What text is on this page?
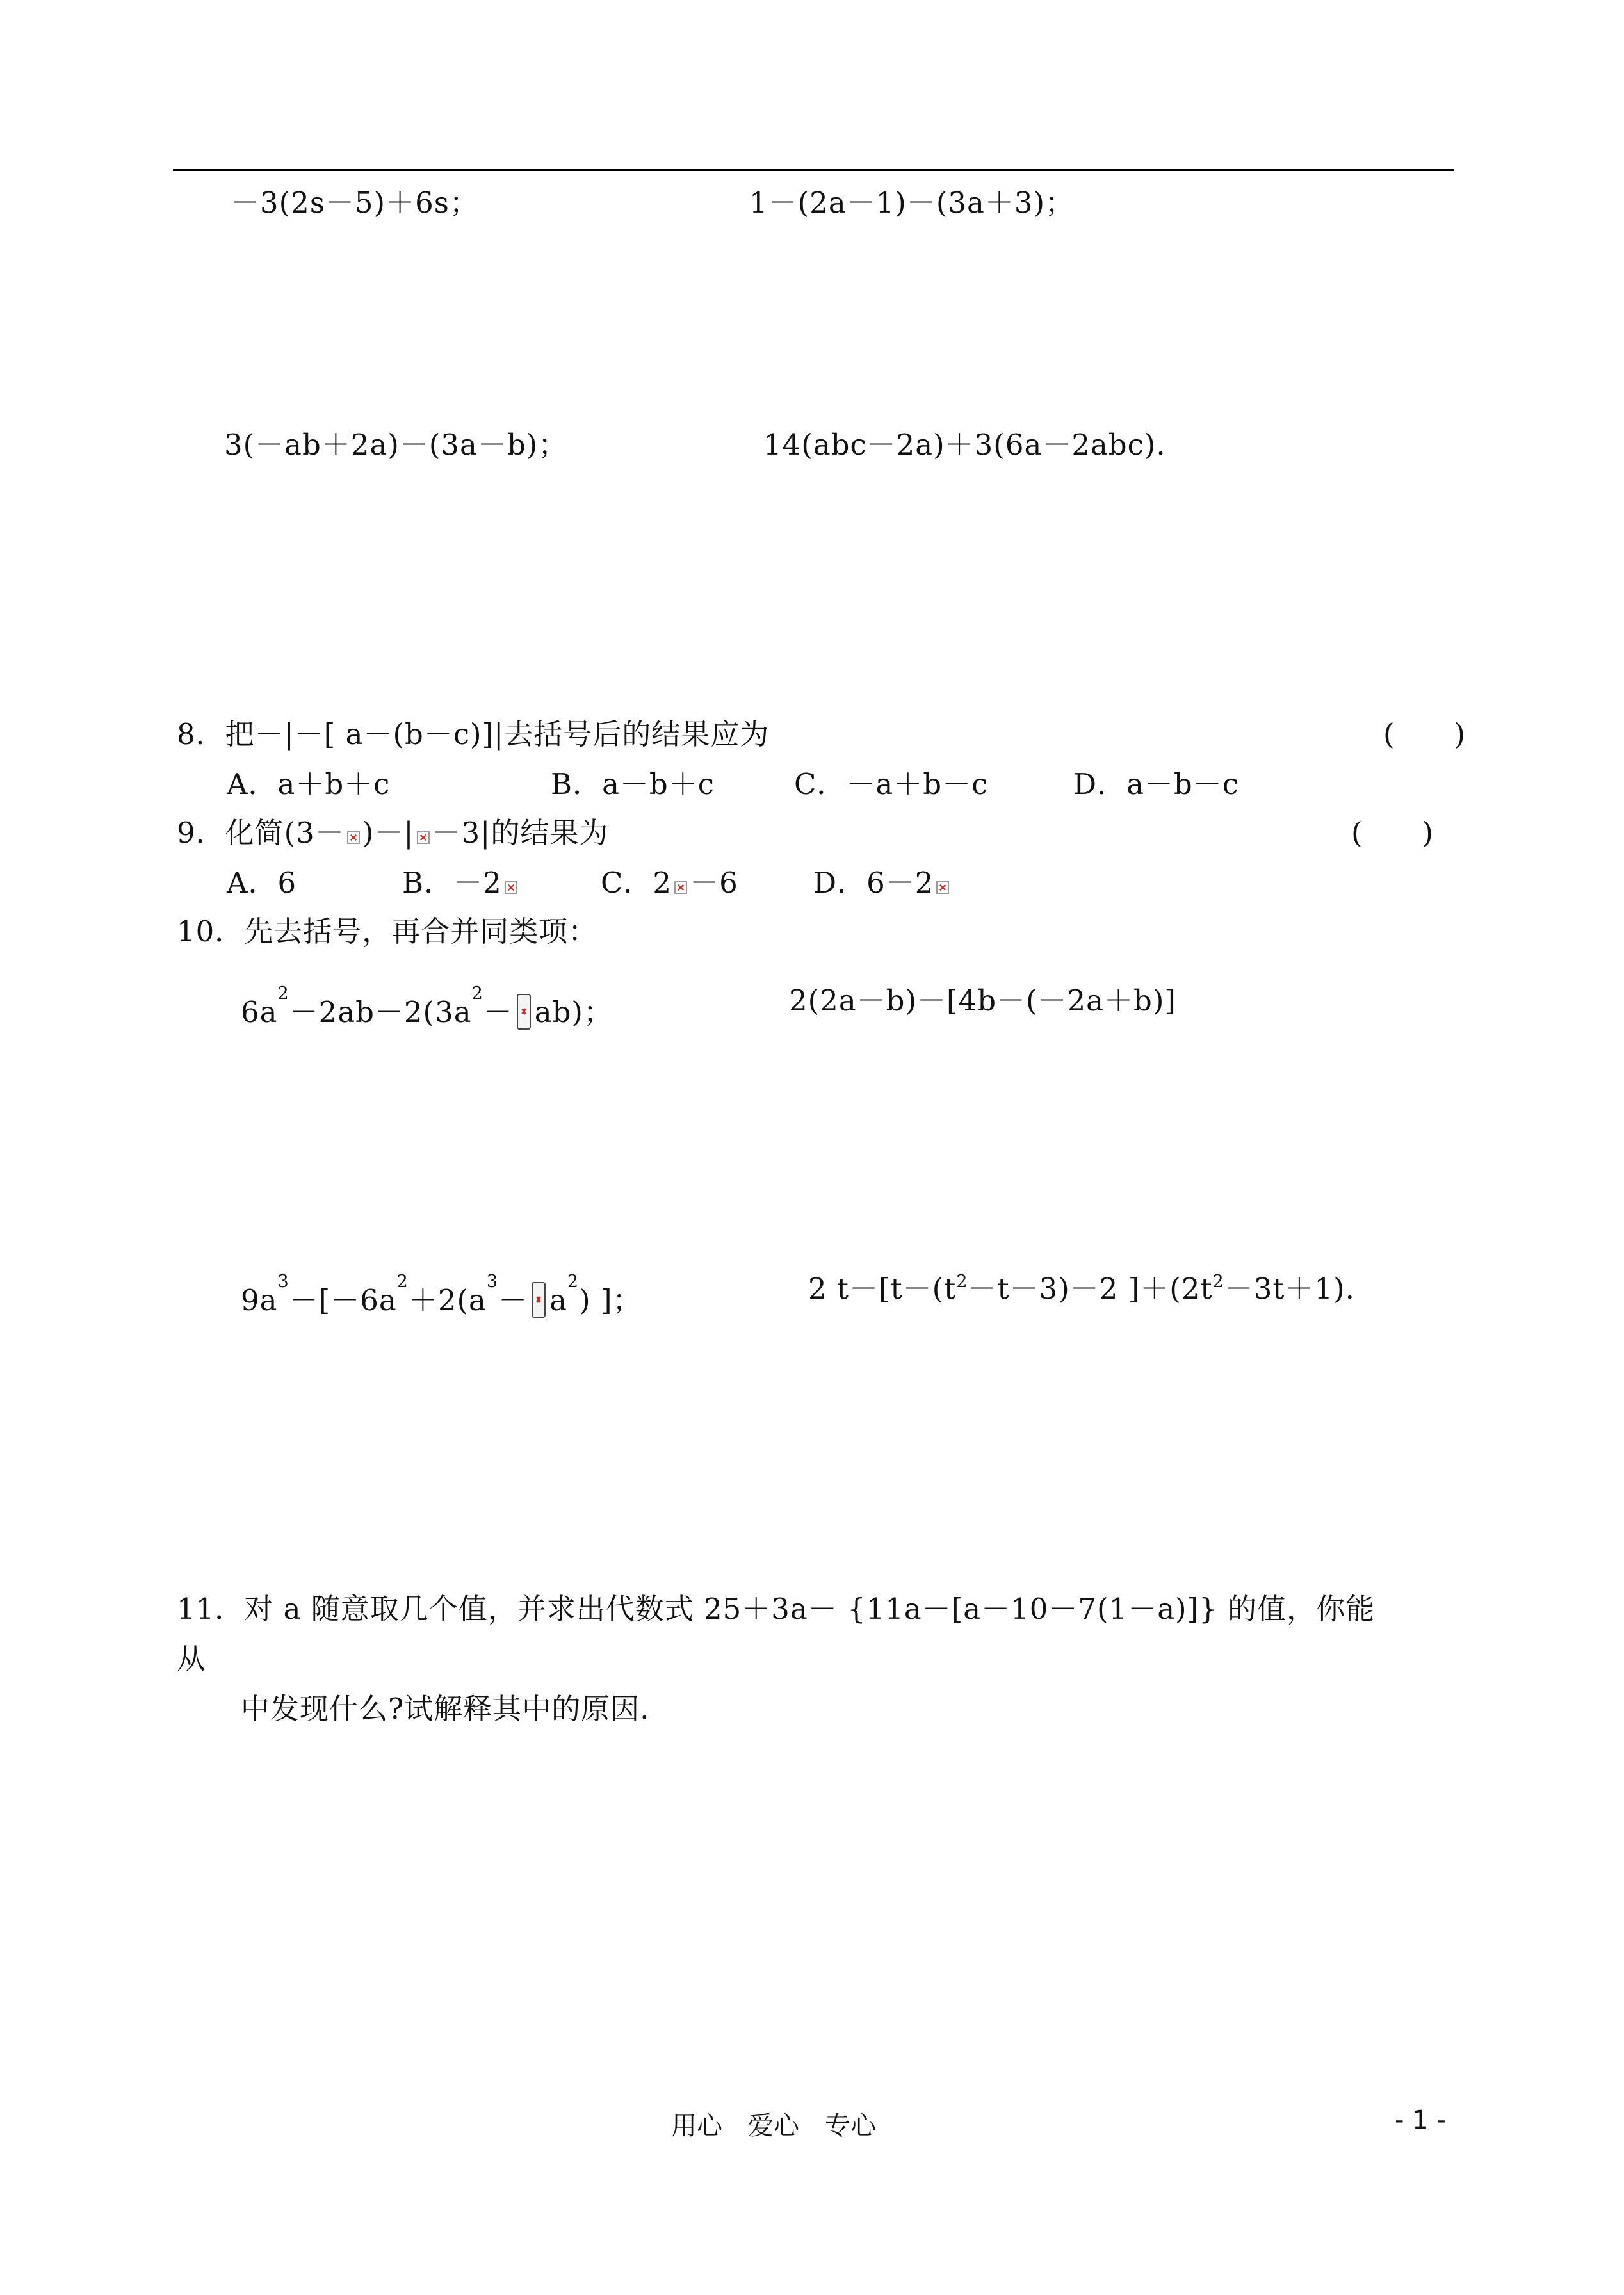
－3(2s－5)＋6s；	1－(2a－1)－(3a＋3)；
3(－ab＋2a)－(3a－b)；	14(abc－2a)＋3(6a－2abc).
8．把－|－[ a－(b－c)]|去括号后的结果应为	(　　)
A．a＋b＋c	B．a－b＋c	C．－a＋b－c	D．a－b－c
9．化简(3－ )－| －3|的结果为	(　　)
A．6	B．－2	C．2 －6	D．6－2
10．先去括号，再合并同类项：
$6a^2-2ab-2(3a^2- ab)$；	2(2a－b)－[4b－(－2a＋b)]
$9a^3-[-6a^2+2(a^3- a^2)$ ]；	2 $t-[t-(t^2-t-3)-2$ ]$+(2t^2-3t+1)$.
11．对 a 随意取几个值，并求出代数式 25＋3a－ {11a－[a－10－7(1－a)]} 的值，你能
从
中发现什么?试解释其中的原因.
用心　爱心　专心	- 1 -
